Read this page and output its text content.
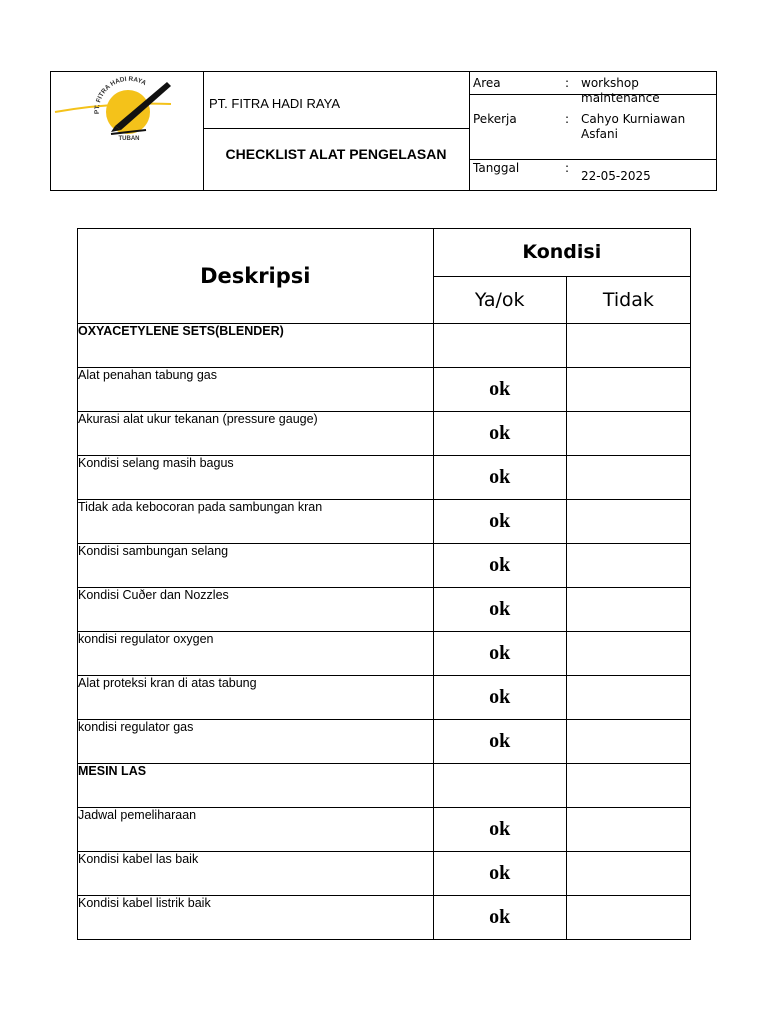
PT. FITRA HADI RAYA
TUBAN
PT. FITRA HADI RAYA
CHECKLIST ALAT PENGELASAN
Area	: workshop maintenance
Pekerja	: Cahyo Kurniawan
Asfani
Tanggal	:
22-05-2025
Deskripsi	Kondisi	
	Ya/ok	Tidak
OXYACETYLENE SETS(BLENDER)		
Alat penahan tabung gas	ok	
Akurasi alat ukur tekanan (pressure gauge)	ok	
Kondisi selang masih bagus	ok	
Tidak ada kebocoran pada sambungan kran	ok	
Kondisi sambungan selang	ok	
Kondisi Cuðer dan Nozzles	ok	
kondisi regulator oxygen	ok	
Alat proteksi kran di atas tabung	ok	
kondisi regulator gas	ok	
MESIN LAS		
Jadwal pemeliharaan	ok	
Kondisi kabel las baik	ok	
Kondisi kabel listrik baik	ok	
